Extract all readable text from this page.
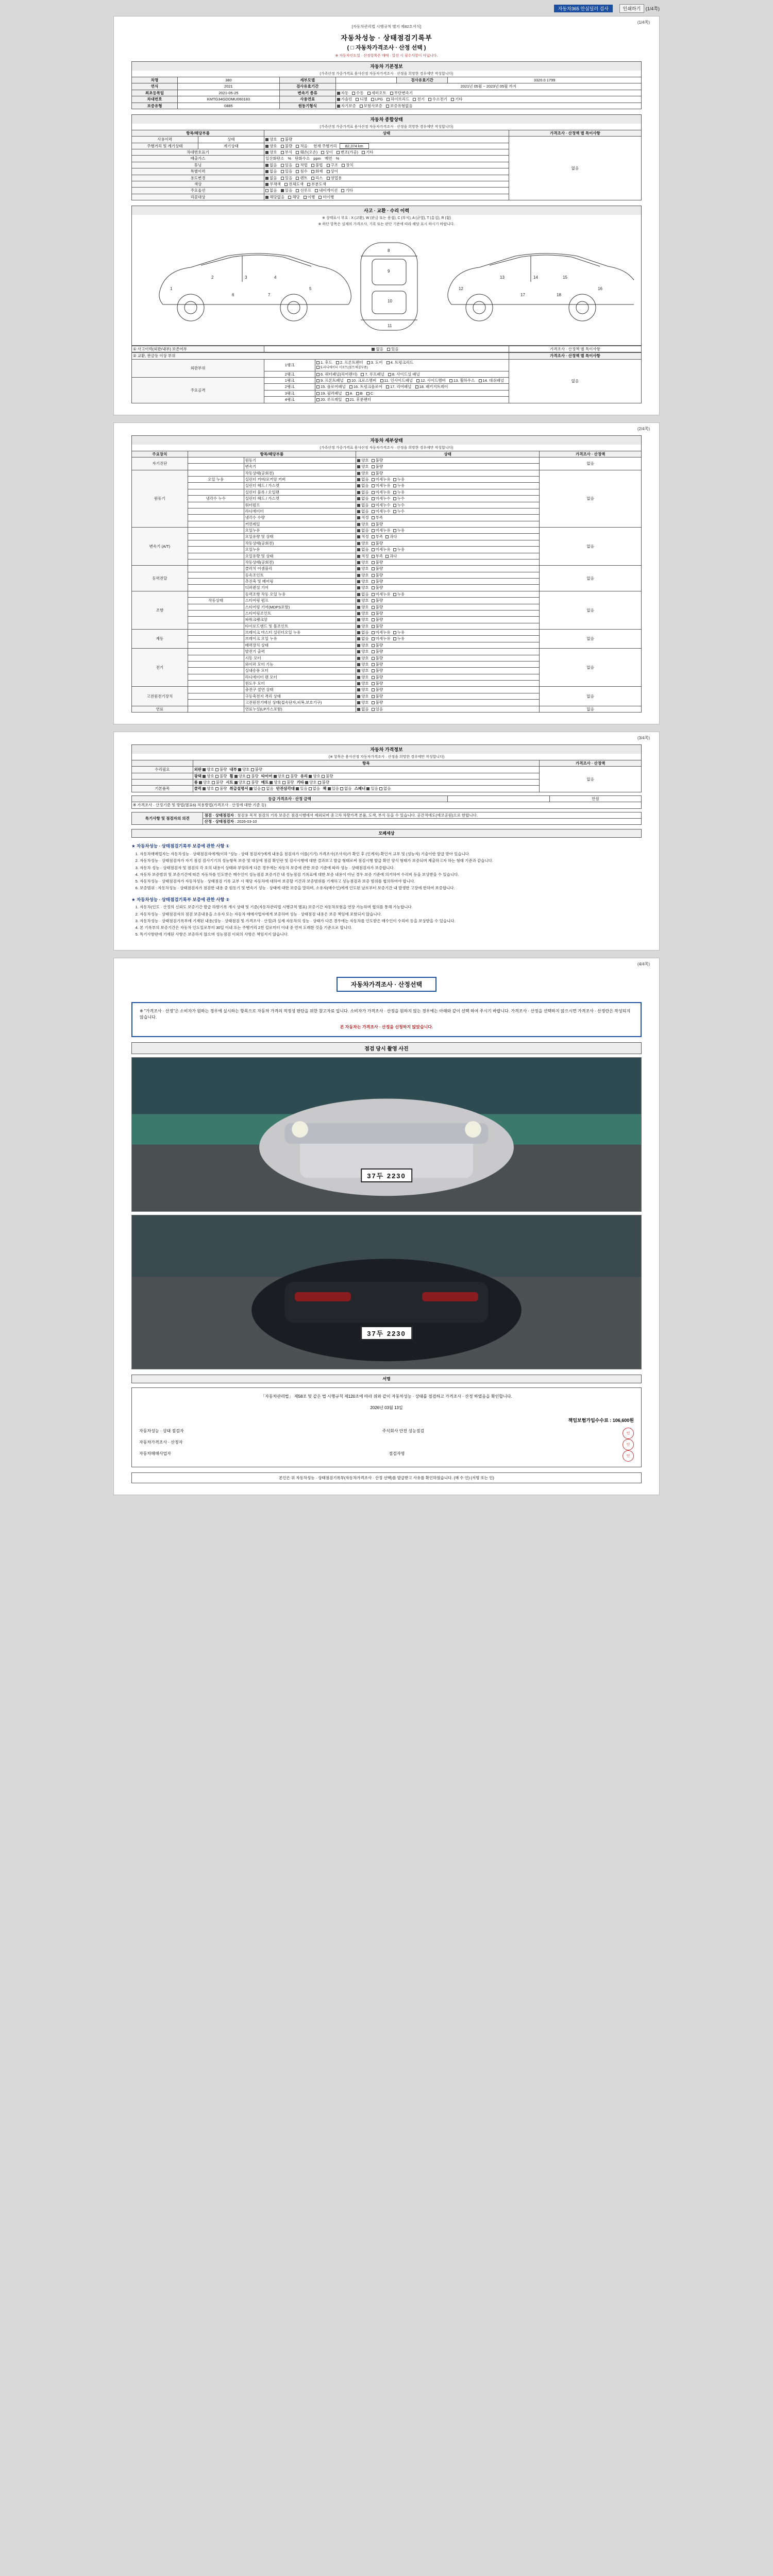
자동차365 안심딜러 검사	인쇄하기 (1/4쪽)
(1/4쪽)
[자동차관리법 시행규칙 별지 제82호서식]
자동차성능 · 상태점검기록부
( □ 자동차가격조사 · 산정 선택 )
※ 자동차인도일 · 산정항목은 매매 · 알선 시 필수사항이 아닙니다.
자동차 기본정보
(가족산정 가중가격표 용사산정 자동차가격조사 · 산정을 희망한 경우에만 작성합니다)
차명	380	세부모델		검사유효기간	3320.0 1799
연식	2021	검사유효기간	2021년 05월 ~ 2023년 05월 까지		
최초등록일	2021-05-25	변속기 종류	자동 수동 세미오토 무단변속기		
차대번호	KMTG34GDDMU060183	사용연료	가솔린 디젤 LPG 하이브리드 전기 수소전기 기타		
보증유형	0885	원동기형식	자기보증 보험사보증 보증유형없음		
자동차 종합상태
(가족산정 가중가격표 용사산정 자동차가격조사 · 산정을 희망한 경우에만 작성합니다)
항목/해당부품		상태	가격조사 · 산정액 별 특이사항
사용이력	상태	양호 불량	없음
주행거리 및 계기상태	계기상태	양호 불량 적음 현재 주행거리 82,374 km	
차대번호표기		양호 부식 훼손(오손) 상이 변조(가공) 기타	
배출가스		일산화탄소 % 탄화수소 ppm 매연 %	
튜닝		없음 있음 적법 불법 구조 장치	
특별이력		없음 있음 침수 화재 상이	
용도변경		없음 있음 렌트 리스 영업용	
색상		무채색 전체도색 부분도색	
주요옵션		없음 있음 선루프 내비게이션 기타	
리콜대상		해당없음 해당 이행 미이행	
사고 · 교환 · 수리 이력
※ 상태표시 부호 : X (교환), W (판금 또는 용접), C (부식), A (균열), T (흠집), R (휨)
※ 하단 항목은 실제의 가격조사, 기록 또는 판단 기준에 따라 해당 표시 하시기 바랍니다.
1
2	3	4
5
6	7
8
9
10
11
12
13	14	15
16
17	18
① 사고이력(외판/내부) 보존여부	없음 있음	가격조사 · 산정액 별 특이사항
② 교환, 판금등 이상 부위			가격조사 · 산정액 별 특이사항
외판부위	1랭크	1. 후드 2. 프론트펜더 3. 도어 4. 트렁크리드
5.라디에이터 서포트(볼트체결부품)	없음
	2랭크	6. 쿼터패널(리어펜더) 7. 루프패널 8. 사이드실 패널	
주요골격	1랭크	9. 프론트패널 10. 크로스멤버 11. 인사이드패널 12. 사이드멤버 13. 휠하우스 14. 대쉬패널	
	2랭크	15. 플로어패널 16. 트렁크플로어 17. 리어패널 18. 패키지트레이	
	3랭크	19. 필러패널 A B C	
	4랭크	20. 루프레일 21. 후륜펜더	
(2/4쪽)
자동차 세부상태
(가족산정 가중가격표 용사산정 자동차가격조사 · 산정을 희망한 경우에만 작성합니다)
주요장치	항목/해당부품		상태	가격조사 · 산정액
자기진단		원동기	양호 불량	없음
		변속기	양호 불량	
원동기		작동상태(공회전)	양호 불량	없음
	오일 누유	실린더 커버/로커암 커버	없음 미세누유 누유	
		실린더 헤드 / 가스켓	없음 미세누유 누유	
		실린더 블록 / 오일팬	없음 미세누유 누유	
	냉각수 누수	실린더 헤드 / 가스켓	없음 미세누수 누수	
		워터펌프	없음 미세누수 누수	
		라디에이터	없음 미세누수 누수	
		냉각수 수량	적정 부족	
		커먼레일	양호 불량	
변속기 (A/T)		오일누유	없음 미세누유 누유	없음
		오일유량 및 상태	적정 부족 과다	
		작동상태(공회전)	양호 불량	
		오일누유	없음 미세누유 누유	
		오일유량 및 상태	적정 부족 과다	
		작동상태(공회전)	양호 불량	
동력전달		클러치 어셈블리	양호 불량	없음
		등속조인트	양호 불량	
		추진축 및 베어링	양호 불량	
		디퍼렌셜 기어	양호 불량	
조향		동력조향 작동 오일 누유	없음 미세누유 누유	없음
	작동상태	스티어링 펌프	양호 불량	
		스티어링 기어(MDPS포함)	양호 불량	
		스티어링조인트	양호 불량	
		파워크랭크암	양호 불량	
		타이로드엔드 및 볼조인트	양호 불량	
제동		브레이크 마스터 실린더오일 누유	없음 미세누유 누유	없음
		브레이크 오일 누유	없음 미세누유 누유	
		배력장치 상태	양호 불량	
전기		발전기 출력	양호 불량	없음
		시동 모터	양호 불량	
		와이퍼 모터 기능	양호 불량	
		실내송풍 모터	양호 불량	
		라디에이터 팬 모터	양호 불량	
		윈도우 모터	양호 불량	
고전원전기장치		충전구 절연 상태	양호 불량	없음
		구동축전지 격리 상태	양호 불량	
		고전원전기배선 상태(접속단자,피복,보호기구)	양호 불량	
연료		연료누설(LP가스포함)	없음 있음	없음
(3/4쪽)
자동차 가격정보
(※ 항목은 용사산정 자동차가격조사 · 산정을 희망한 경우에만 작성합니다)
	항목	가격조사 · 산정액
수리필요	외판 양호 불량 내부 양호 불량	없음
	광택 양호 불량 휠 양호 불량 타이어 양호 불량 유리 양호 불량	
	룸 양호 불량 시트 양호 불량 매트 양호 불량 기타 양호 불량	
기본품목	클럭 양호 불량 취급설명서 있음 없음 안전삼각대 있음 없음 잭 있음 없음 스패너 있음 없음	
등급 가격조사 · 산정 금액		만원
※ 가격조사 · 산정기준 및 방법(별표6) 적용방법(가격조사 · 산정에 대한 기준 등)
특기사항 및 점검자의 의견	점검 · 상태점검자 : 점검용 목적 점검의 기록 보증은 점검시행에서 제외되며 중고차 차량가격 본품, 도색, 부식 등을 수 있습니다. 공간적에도(에코공원)으로 한합니다.
산정 · 상태점검자 : 2026-03-10
모페세상
★ 자동차성능 · 상태점검기록부 보증에 관한 사항 ①
1. 자동차매매업자는 자동차성능 · 상태점검자에게(이하 "성능 · 상태 점검자")에게 내용을 점검자가 이를(기기) 가격조사(조사자)가 확인 후 (인계자) 확인서 교부 및 (성능자) 기술이란 발급 받아 있습니다.
2. 자동차성능 · 상태점검자가 자기 점검 검사기기의 성능항목 보증 및 대상에 점검 확인란 및 검사시행에 대한 결과보고 발급 형태로써 점검시행 발급 확인 양식 형태가 보증되며 제출하고자 하는 형태 기준과 같습니다.
3. 자동차 성능 · 상태점검자 및 점검의 각 호의 내용이 상태와 부당하게 다른 경우에는 자동차 보증에 관한 보증 기준에 따라 성능 · 상태점검자가 보증합니다.
4. 자동차 보증범위 및 보증기간에 따른 자동차를 인도받은 매수인이 성능점검 보증기간 내 성능점검 기록표에 대한 보증 내용이 아닌 경우 보증 기준에 의거하여 수리비 등을 보상받을 수 있습니다.
5. 자동차성능 · 상태점검자가 자동차성능 · 상태점검 기록 교부 시 해당 자동차에 대하여 보증할 기간과 보증범위를 기재하고 성능점검과 보증 범위를 협의하여야 합니다.
6. 보증범위 : 자동차성능 · 상태점검자가 점검한 내용 중 원동기 및 변속기 성능 · 상태에 대한 보증을 말하며, 소유자(매수인)에게 인도된 날로부터 보증기간 내 발생한 고장에 한하여 보증합니다.
★ 자동차성능 · 상태점검기록부 보증에 관한 사항 ②
1. 자동차(인도 · 산정의 신뢰도 보증기간 발급 하향기록 개시 상태 및 기준(자동차관리법 시행규칙 별표) 보증기간 자동차보험을 연장 가능하며 협의를 통해 가능합니다.
2. 자동차성능 · 상태점검자의 점검 보증내용을 소유자 또는 자동차 매매사업자에게 보증하며 성능 · 상태점검 내용은 보증 책임에 포함되지 않습니다.
3. 자동차성능 · 상태점검기록부에 기재된 내용(성능 · 상태점검 및 가격조사 · 산정)과 실제 자동차의 성능 · 상태가 다른 경우에는 자동차를 인도받은 매수인이 수리비 등을 보상받을 수 있습니다.
4. 본 기록부의 보증기간은 자동차 인도일로부터 30일 이내 또는 주행거리 2천 킬로미터 이내 중 먼저 도래한 것을 기준으로 합니다.
5. 특기사항란에 기재된 사항은 보증하지 않으며 성능점검 이외의 사항은 책임지지 않습니다.
(4/4쪽)
자동차가격조사 · 산정선택
※ "가격조사 · 산정"은 소비자가 원하는 경우에 실시하는 항목으로 자동차 가격의 적정성 판단을 위한 참고자료 입니다. 소비자가 가격조사 · 산정을 원하지 않는 경우에는 아래와 같이 선택 하여 주시기 바랍니다. 가격조사 · 산정을 선택하지 않으시면 가격조사 · 산정란은 작성되지 않습니다.
본 자동차는 가격조사 · 산정을 신청하지 않았습니다.
점검 당시 촬영 사진
37두 2230
37두 2230
서명
「자동차관리법」 제58조 및 같은 법 시행규칙 제120조에 따라 위와 같이 자동차성능 · 상태를 점검하고 가격조사 · 산정 하였음을 확인합니다.
2026년 03월 13일
책임보험가입수수료 : 106,600원
자동차성능 · 상태 점검자	주식회사 안전 성능점검
인
자동차가격조사 · 산정자
인
자동차매매사업자	점검자명
인
본인은 위 자동차성능 · 상태점검기록부(자동차가격조사 · 산정 선택)를 발급받고 사유를 확인하였습니다. (매 수 인) (서명 또는 인)
